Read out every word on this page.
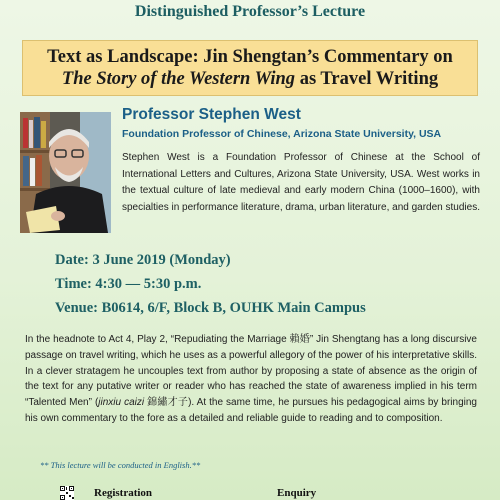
Distinguished Professor’s Lecture
Text as Landscape: Jin Shengtan’s Commentary on
The Story of the Western Wing as Travel Writing
Professor Stephen West
Foundation Professor of Chinese, Arizona State University, USA
Stephen West is a Foundation Professor of Chinese at the School of International Letters and Cultures, Arizona State University, USA. West works in the textual culture of late medieval and early modern China (1000–1600), with specialties in performance literature, drama, urban literature, and garden studies.
Date: 3 June 2019 (Monday)
Time: 4:30 — 5:30 p.m.
Venue: B0614, 6/F, Block B, OUHK Main Campus
In the headnote to Act 4, Play 2, “Repudiating the Marriage 賴婚” Jin Shengtang has a long discursive passage on travel writing, which he uses as a powerful allegory of the power of his interpretative skills. In a clever stratagem he uncouples text from author by proposing a state of absence as the origin of the text for any putative writer or reader who has reached the state of awareness implied in his term “Talented Men” (jinxiu caizi 錦繡才子). At the same time, he pursues his pedagogical aims by bringing his own commentary to the fore as a detailed and reliable guide to reading and to composition.
** This lecture will be conducted in English.**
Registration	Enquiry
